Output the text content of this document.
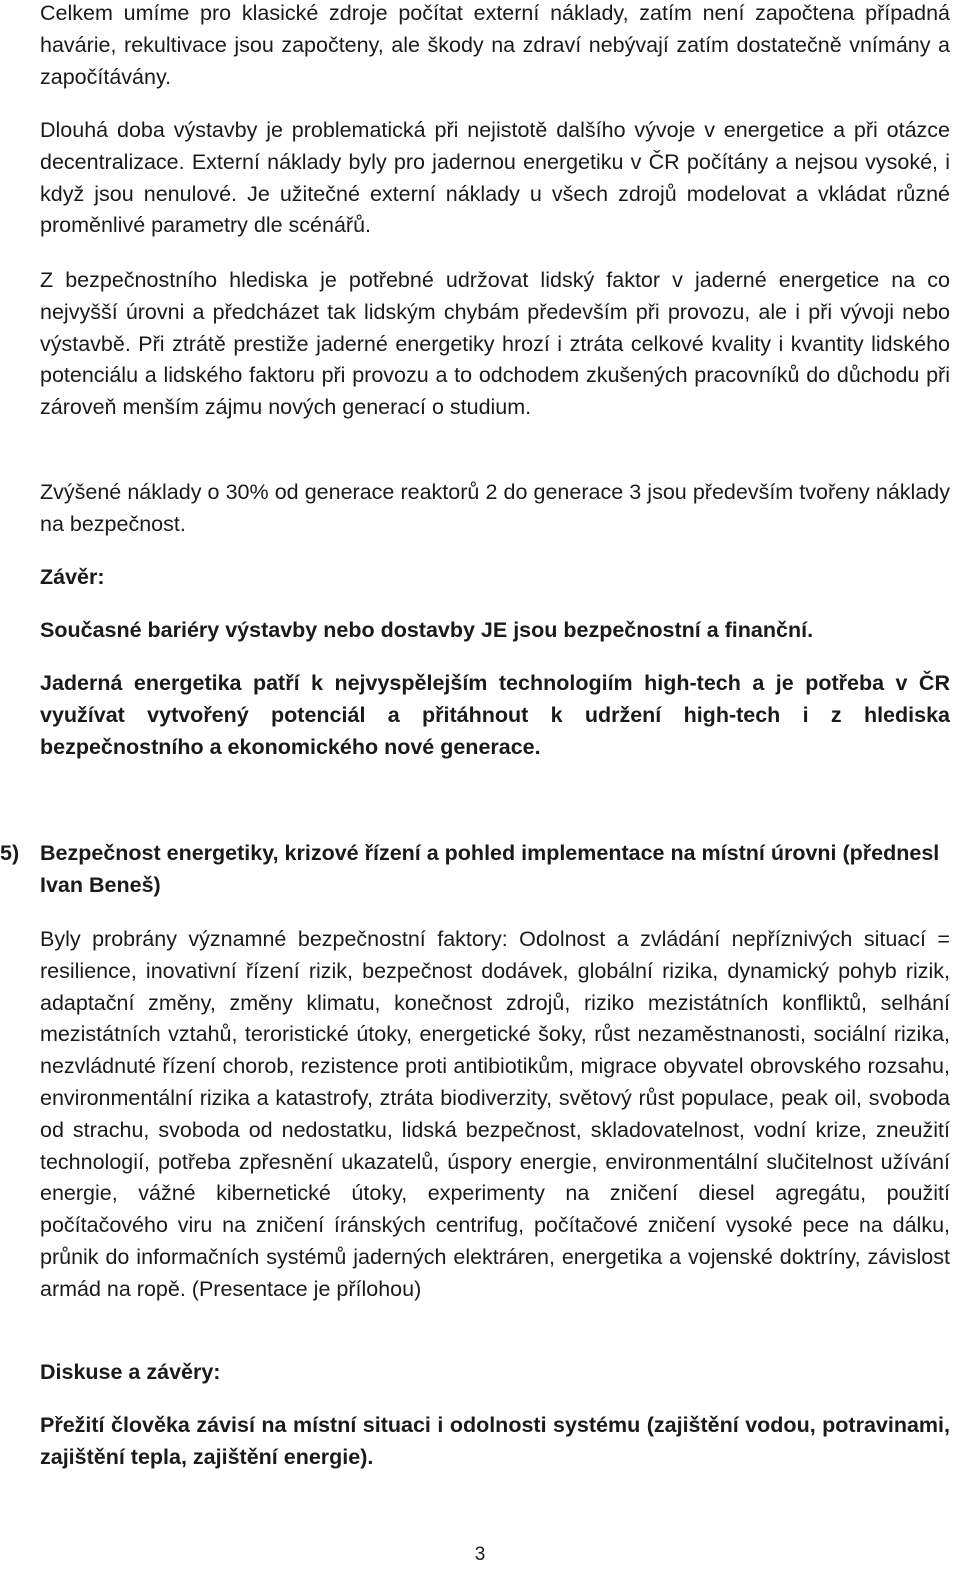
Celkem umíme pro klasické zdroje počítat externí náklady, zatím není započtena případná havárie, rekultivace jsou započteny, ale škody na zdraví nebývají zatím dostatečně vnímány a započítávány.

Dlouhá doba výstavby je problematická při nejistotě dalšího vývoje v energetice a při otázce decentralizace. Externí náklady byly pro jadernou energetiku v ČR počítány a nejsou vysoké, i když jsou nenulové. Je užitečné externí náklady u všech zdrojů modelovat a vkládat různé proměnlivé parametry dle scénářů.

Z bezpečnostního hlediska je potřebné udržovat lidský faktor v jaderné energetice na co nejvyšší úrovni a předcházet tak lidským chybám především při provozu, ale i při vývoji nebo výstavbě. Při ztrátě prestiže jaderné energetiky hrozí i ztráta celkové kvality i kvantity lidského potenciálu a lidského faktoru při provozu a to odchodem zkušených pracovníků do důchodu při zároveň menším zájmu nových generací o studium.

Zvýšené náklady o 30% od generace reaktorů 2 do generace 3 jsou především tvořeny náklady na bezpečnost.

Závěr:

Současné bariéry výstavby nebo dostavby JE jsou bezpečnostní a finanční.

Jaderná energetika patří k nejvyspělejším technologiím high-tech a je potřeba v ČR využívat vytvořený potenciál a přitáhnout k udržení high-tech i z hlediska bezpečnostního a ekonomického nové generace.

5) Bezpečnost energetiky, krizové řízení a pohled implementace na místní úrovni (přednesl Ivan Beneš)

Byly probrány významné bezpečnostní faktory: Odolnost a zvládání nepříznivých situací = resilience, inovativní řízení rizik, bezpečnost dodávek, globální rizika, dynamický pohyb rizik, adaptační změny, změny klimatu, konečnost zdrojů, riziko mezistátních konfliktů, selhání mezistátních vztahů, teroristické útoky, energetické šoky, růst nezaměstnanosti, sociální rizika, nezvládnuté řízení chorob, rezistence proti antibiotikům, migrace obyvatel obrovského rozsahu, environmentální rizika a katastrofy, ztráta biodiverzity, světový růst populace, peak oil, svoboda od strachu, svoboda od nedostatku, lidská bezpečnost, skladovatelnost, vodní krize, zneužití technologií, potřeba zpřesnění ukazatelů, úspory energie, environmentální slučitelnost užívání energie, vážné kibernetické útoky, experimenty na zničení diesel agregátu, použití počítačového viru na zničení íránských centrifug, počítačové zničení vysoké pece na dálku, průnik do informačních systémů jaderných elektráren, energetika a vojenské doktríny, závislost armád na ropě. (Presentace je přílohou)

Diskuse a závěry:

Přežití člověka závisí na místní situaci i odolnosti systému (zajištění vodou, potravinami, zajištění tepla, zajištění energie).

3
